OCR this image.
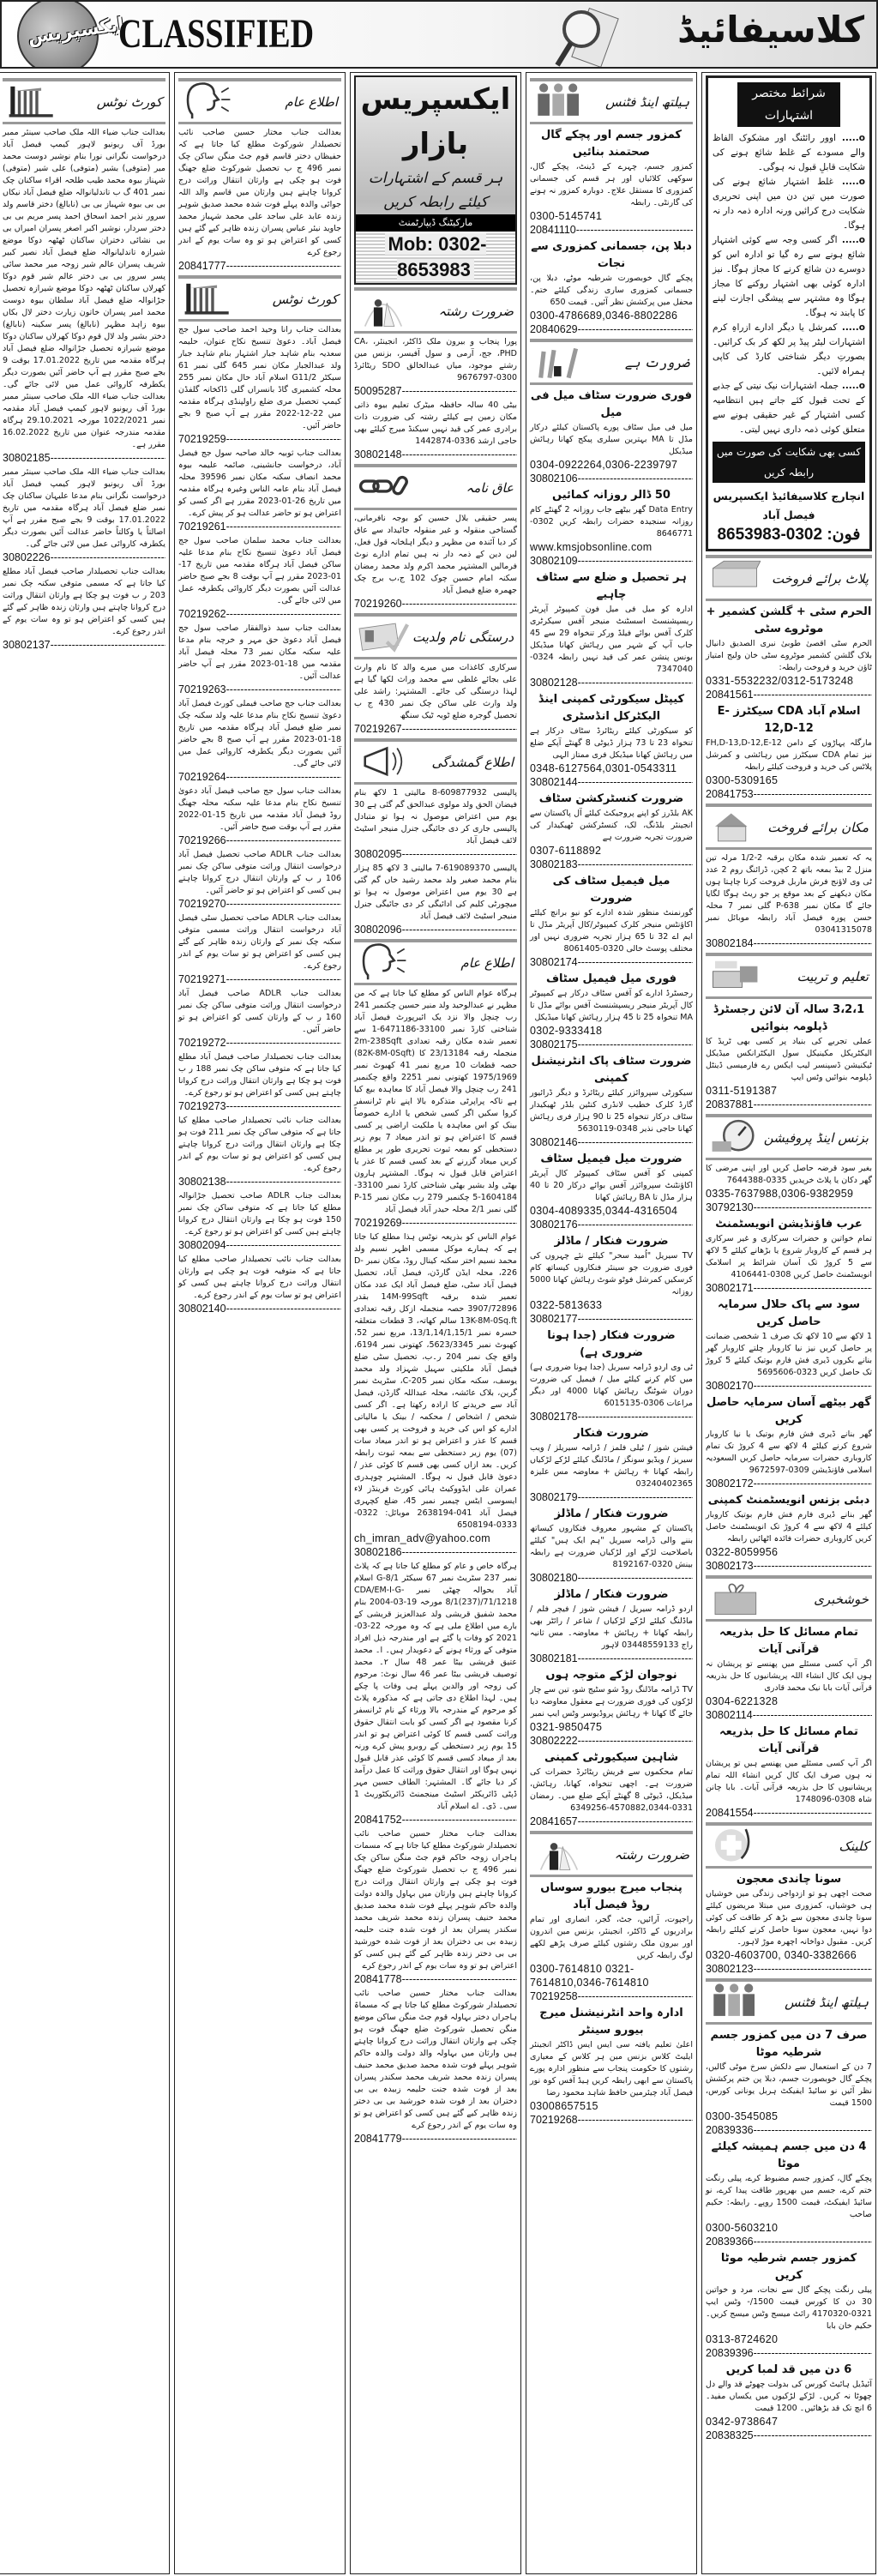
ایکسپریس
CLASSIFIED	کلاسیفائیڈ
شرائط مختصر اشتہارات
o..... اوور رائٹنگ اور مشکوک الفاظ والے مسودے کے غلط شائع ہونے کی شکایت قابلِ قبول نہ ہوگی۔
o..... غلط اشتہار شائع ہونے کی صورت میں تین دن میں اپنی تحریری شکایت درج کرائیں ورنہ ادارہ ذمہ دار نہ ہوگا۔
o..... اگر کسی وجہ سے کوئی اشتہار شائع ہونے سے رہ گیا تو ادارہ اس کو دوسرے دن شائع کرنے کا مجاز ہوگا۔ نیز ادارہ کوئی بھی اشتہار روکنے کا مجاز ہوگا وہ مشتہر سے پیشگی اجازت لینے کا پابند نہ ہوگا۔
o..... کمرشل یا دیگر ادارے ازراہِ کرم اشتہارات لیٹر پیڈ پر لکھ کر بک کرائیں۔ بصورتِ دیگر شناختی کارڈ کی کاپی ہمراہ لائیں۔
o..... جملہ اشتہارات نیک نیتی کے جذبے کے تحت قبول کئے جاتے ہیں انتظامیہ کسی اشتہار کے غیر حقیقی ہونے سے متعلق کوئی ذمہ داری نہیں لیتی۔
کسی بھی شکایت کی صورت میں رابطہ کریں
انچارج کلاسیفائیڈ ایکسپریس فیصل آباد
فون: 0302-8653983
پلاٹ برائے فروخت
الحرم سٹی + گلشن کشمیر + موٹروے سٹی
الحرم سٹی اقصیٰ طوبیٰ نبری الصدیق دانیال بلاک گلشن کشمیر موٹروے سٹی خان ولیج امتیاز ٹاؤن خرید و فروخت رابطہ:
0331-5532232/0312-5173248
20841561 -----
اسلام آباد CDA سیکٹرز E-12,D-12
مارگلہ پہاڑوں کے دامن FH,D-13,D-12,E-12 نیز تمام CDA سیکٹرز میں رہائشی و کمرشل پلاٹس کی خرید و فروخت کیلئے رابطہ
0300-5309165
20841753 -----
مکان برائے فروخت
یہ کہ تعمیر شدہ مکان برقبہ 2-1/2 مرلہ تین منزل 2 بیڈ بمعہ باتھ 2 کچن، ڈرائنگ روم 2 عدد ٹی وی لاؤنج فرش ماربل فروخت کرنا چاہتا ہوں مکان دیکھنے کے بعد موقع پر جو ریٹ ہوگا لگایا جائے گا مکان نمبر P-638 گلی نمبر 7 محلہ حسن پورہ فیصل آباد رابطہ موبائل نمبر 03041315078
30802184 -----
تعلیم و تربیت
3،2،1 سالہ آن لائن رجسٹرڈ ڈپلومہ بنوائیں
عملی تجربے کی بنیاد پر کسی بھی ٹریڈ کا الیکٹریکل مکینیکل سول الیکٹرانکس میڈیکل ٹیکنیشن ڈسپنسر لیب ایکس رے فارمیسی ڈینٹل ڈپلومہ بنوائیں وٹس ایپ
0311-5191387
20837881 -----
بزنس اینڈ پروفیشن
بغیر سود قرضہ حاصل کریں اور اپنی مرضی کا گھر دکان یا پلاٹ خریدیں 0335-7644388
0335-7637988,0306-9382959
30792130 -----
عرب فاؤنڈیشن انویسٹمنٹ
تمام خواتین و حضرات سرکاری و غیر سرکاری ہر قسم کے کاروبار شروع یا بڑھانے کیلئے 5 لاکھ سے 5 کروڑ تک آسان شرائط پر اسلامک انویسٹمنٹ حاصل کریں 0308-4106441
30802171 -----
سود سے پاک حلال سرمایہ حاصل کریں
1 لاکھ سے 10 لاکھ تک صرف 1 شخصی ضمانت پر حاصل کریں نیز نیا کاروبار چلتے کاروبار گھر بنانے بکروں ڈیری فش فارم بوتیک کیلئے 5 کروڑ تک حاصل کریں 0323-5695606
30802170 -----
گھر بیٹھے آسان سرمایہ حاصل کریں
گھر بنانے ڈیری فش فارم بوتیک یا نیا کاروبار شروع کرنے کیلئے 4 لاکھ سے 4 کروڑ تک تمام کاروباری حضرات سرمایہ حاصل کریں السعودیہ اسلامی فاؤنڈیشن 0309-9672597
30802172 -----
دبئی بزنس انویسٹمنٹ کمپنی
گھر بنانے ڈیری فارم فش فارم بوتیک کاروبار کیلئے 4 لاکھ سے 4 کروڑ تک انویسٹمنٹ حاصل کریں کاروباری حضرات فائدہ اٹھائیں رابطہ
0322-8059956
30802173 -----
خوشخبری
تمام مسائل کا حل بذریعہ قرآنی آیات
اگر آپ کسی مسئلے میں پھنسے تو پریشان نہ ہوں ایک کال انشاء اللہ پریشانیوں کا حل بذریعہ قرآنی آیات بابا نیک محمد قادری
0304-6221328
30802114 -----
تمام مسائل کا حل بذریعہ قرآنی آیات
اگر آپ کسی مسئلے میں پھنسے ہیں تو پریشان نہ ہوں صرف ایک کال کریں انشاء اللہ تمام پریشانیوں کا حل بذریعہ قرآنی آیات۔ بابا چانن شاہ 0308-1748096
20841554 -----
کلینک
سونا چاندی معجون
صحت اچھی ہو تو ازدواجی زندگی میں خوشیاں ہی خوشیاں، کمزوری میں مبتلا مریضوں کیلئے سونا چاندی معجون سے بڑھ کر طاقت کی کوئی دوا نہیں، معجون سونا حاصل کرنے کیلئے رابطہ کریں۔ مقبول دواخانہ اچھرہ موڑ لاہور۔
0320-4603700, 0340-3382666
30802123 -----
ہیلتھ اینڈ فٹنس
صرف 7 دن میں کمزور جسم شرطیہ موٹا
7 دن کے استعمال سے دلکش سرخ موٹی گالیں، پچکے گال خوبصورت جسم، دبلا پن ختم پرکشش نظر آئیں نو سائیڈ ایفیکٹ ہربل یونانی کورس، 1500 قیمت
0300-3545085
20839336 -----
4 دن میں جسم ہمیشہ کیلئے موٹا
پچکے گال، کمزور جسم مضبوط کرے، پیلی رنگت ختم کرے، جسم میں بھرپور طاقت پیدا کرے، نو سائیڈ ایفیکٹ، قیمت 1500 روپے۔ رابطہ: حکیم صاحب
0300-5603210
20839366 -----
کمزور جسم شرطیہ موٹا کریں
پیلی رنگت پچکے گال سے نجات، مرد و خواتین 30 دن کا کورس قیمت 1500/- وٹس ایپ 0321-4170320 رائٹ میسج وٹس میسج کریں۔ حکیم خان بابا
0313-8724620
20839396 -----
6 دن میں قد لمبا کریں
آئیڈیل ہائیٹ کورس کی بدولت چھوٹے قد والے دل چھوٹا نہ کریں۔ لڑکے لڑکیوں میں یکساں مفید۔ 6 انچ تک قد بڑھائیں۔ 1200 قیمت
0342-9738647
20838325 -----
ہیلتھ اینڈ فٹنس
کمزور جسم اور پچکے گال صحتمند بنائیں
کمزور جسم، چہرے کے ڈینٹ، پچکے گال، سوکھی کلائیاں اور ہر قسم کی جسمانی کمزوری کا مستقل علاج۔ دوبارہ کمزور نہ ہونے کی گارنٹی۔ رابطہ
0300-5145741
20841110 -----
دبلا پن، جسمانی کمزوری سے نجات
پچکے گال خوبصورت شرطیہ موٹے، دبلا پن، جسمانی کمزوری ساری زندگی کیلئے ختم۔ محفل میں پرکشش نظر آئیں۔ قیمت 650
0300-4786689,0346-8802286
20840629 -----
ضرورت ہے
فوری ضرورت سٹاف میل فی میل
میل فی میل سٹاف پورے پاکستان کیلئے درکار مڈل تا MA بہترین سیلری پیکج کھانا رہائش میڈیکل
0304-0922264,0306-2239797
30802106 -----
50 ڈالر روزانہ کمائیں
Data Entry گھر بیٹھے جاب روزانہ 2 گھنٹے کام روزانہ سنجیدہ حضرات رابطہ کریں 0302-8646771
www.kmsjobsonline.com
30802109 -----
ہر تحصیل و ضلع سے سٹاف چاہیے
ادارہ کو میل فی میل فون کمپیوٹر آپریٹر ریسپشنسٹ اسسٹنٹ منیجر آفس سیکرٹری کلرک آفس بوائے فیلڈ ورکر تنخواہ 29 سے 45 جاب آپ کے شہر میں رہائش کھانا میڈیکل بونس پنشن عمر کی قید نہیں رابطہ 0324-7347040
30802128 -----
کیپٹل سیکورٹی کمپنی اینڈ الیکٹرکل انڈسٹری
کو سیکورٹی کیلئے ریٹائرڈ سٹاف درکار ہے تنخواہ 23 تا 73 ہزار ڈیوٹی 8 گھنٹے آپکے ضلع میں رہائش کھانا میڈیکل فری ممتاز الہی
0348-6127564,0301-0543311
30802144 -----
ضرورت کنسٹرکشن سٹاف
AK بلڈرز کو اپنے پروجیکٹ کیلئے آل پاکستان سے انجینئر بلڈنگ، لک، کنسٹرکشن ٹھیکیدار کی ضرورت تجربہ ضرورت ہے
0307-6118892
30802183 -----
میل فیمیل سٹاف کی ضرورت
گورنمنٹ منظور شدہ ادارے کو نیو برانچ کیلئے اکاؤنٹس منیجر کلرک کمپیوٹر/کال آپریٹر مڈل تا ایم اے 32 تا 65 ہزار تجربہ ضروری نہیں اور مختلف پوسٹ خالی 0320-8061405
30802174 -----
فوری میل فیمیل سٹاف
رجسٹرڈ ادارے کو آفس سٹاف درکار ہے کمپیوٹر کال آپریٹر منیجر ریسپشنسٹ آفس بوائے مڈل تا MA تنخواہ 25 تا 45 ہزار رہائش کھانا میڈیکل
0302-9333418
30802175 -----
ضرورت سٹاف پاک انٹرنیشنل کمپنی
سیکورٹی سپروائزر کیلئے ریٹائرڈ و دیگر ڈرائیور گارڈ کلرک خطیب لانڈری کنٹین بلڈر ٹھیکیدار سٹاف درکار تنخواہ 25 تا 90 ہزار فری رہائش کھانا حاجی نذیر 0348-5630119
30802146 -----
ضرورت میل فیمیل سٹاف
کمپنی کو آفس سٹاف کمپیوٹر کال آپریٹر اکاؤنٹنٹ سپروائزر آفس بوائے درکار 20 تا 40 ہزار مڈل تا BA رہائش کھانا
0304-4089335,0344-4316504
30802176 -----
ضرورت فنکار / ماڈلز
TV سیریل "اُمید سحر" کیلئے نئے چہروں کی فوری ضرورت جو سینئر فنکاروں کیساتھ کام کرسکیں کمرشل فوٹو شوٹ رہائش کھانا 5000 روزانہ
0322-5813633
30802177 -----
ضرورت فنکار (جدا ہونا ضروری ہے)
ٹی وی اردو ڈرامہ سیریل (جدا ہونا ضروری ہے) میں کام کرنے کیلئے میل / فیمیل کی ضرورت دوران شوٹنگ رہائش کھانا 4000 اور دیگر مراعات 0306-6015135
30802178 -----
ضرورت فنکار
فیشن شوز / ٹیلی فلمز / ڈرامہ سیریلز / ویب سیریز / ویڈیو سونگز / ماڈلنگ کیلئے لڑکے لڑکیاں رابطہ کھانا + رہائش + معاوضہ مس علیزہ 03240402365
30802179 -----
ضرورت فنکار / ماڈلز
پاکستان کے مشہور معروف فنکاروں کیساتھ بننے والی ڈرامہ سیریل "ہم ایک ہیں" کیلئے باصلاحیت لڑکے اور لڑکیاں ضرورت ہے رابطہ بینش 0320-8192167
30802180 -----
ضرورت فنکار / ماڈلز
اردو ڈرامہ سیریل / فیشن شوز / فیچر فلم / ماڈلنگ کیلئے لڑکے لڑکیاں / شاعر / رائٹر بھی رابطہ کھانا + رہائش + معاوضہ۔ مس ثانیہ راج 03448559133 لاہور
30802181 -----
نوجوان لڑکے متوجہ ہوں
TV ڈرامہ ماڈلنگ روڈ شو سٹیج شو، تین سے چار لڑکوں کی فوری ضرورت ہے معقول معاوضہ دیا جائے گا کھانا + رہائش پروڈیوسر وٹس ایپ نمبر
0321-9850475
30802222 -----
شاہین سیکیورٹی کمپنی
تمام محکموں سے فریش ریٹائرڈ حضرات کی ضرورت ہے۔ اچھی تنخواہ، کھانا، رہائش، میڈیکل، ڈیوٹی 8 گھنٹے آپکے ضلع میں۔ رمضان 0331-4570882,0344-6349256
20841657 -----
ضرورت رشتہ
پنجاب میرج بیورو سوساں روڈ فیصل آباد
راجپوت، آرائیں، جٹ، گجر، انصاری اور تمام برادریوں کے ڈاکٹر، انجینئر، بزنس مین اندرون اور بیرون ملک رشتوں کیلئے صرف پڑھے لکھے لوگ رابطہ کریں
0300-7614810 0321-7614810,0346-7614810
70219258 -----
ادارہ واحد انٹرنیشنل میرج بیورو سینٹر
اعلیٰ تعلیم یافتہ سی ایس ایس ڈاکٹر انجینئر ایلیٹ کلاس بزنس مین ہر کلاس کے معیاری رشتوں کا حکومت پنجاب سے منظور ادارہ پورے پاکستان سے ابھی رابطہ کریں ہیڈ آفس کوہ نور فیصل آباد چیئرمین حافظ شاہد محمود رضا
03008657515
70219268 -----
ایکسپریس بازار
ہر قسم کے اشتہارات کیلئے رابطہ کریں
مارکیٹنگ ڈیپارٹمنٹ
Mob: 0302-8653983
ضرورت رشتہ
پورا پنجاب و بیرون ملک ڈاکٹر، انجینئر، CA، PHD، جج، آرمی و سول آفیسر، بزنس مین رشتے موجود، میاں عبدالخالق SDO ریٹائرڈ 0300-9676797
50095287 -----
بیٹی 40 سالہ حافظہ میٹرک تعلیم بیوہ ذاتی مکان زمین ہے کیلئے رشتہ کی ضرورت ذات برادری عمر کی قید نہیں سیکنڈ میرج کیلئے بھی حاجی ارشد 0336-1442874
30802148 -----
عاق نامہ
پسر حقیقی بلال حسین کو بوجہ نافرمانی، گستاخی منقولہ و غیر منقولہ جائیداد سے عاق کر دیا آئندہ من مظہر و دیگر اہلخانہ قول فعل، لین دین کے ذمہ دار نہ ہیں تمام ادارے نوٹ فرمالیں المشتہر محمد اکرم ولد محمد رمضان سکنہ امام حسین چوک 102 ج،ب برج چک جھمرہ ضلع فیصل آباد
70219260 -----
درستگی نام ولدیت
سرکاری کاغذات میں میرے والد کا نام وارث علی بجائے غلطی سے محمد وراث لکھا گیا ہے لہذا درستگی کی جائے۔ المشتہر: راشد علی ولد وارث علی ساکن چک نمبر 430 ج ب تحصیل گوجرہ ضلع ٹوبہ ٹیک سنگھ
70219267 -----
اطلاع گمشدگی
پالیسی 609877932-8 مالیتی 1 لاکھ بنام فیضان الحق ولد مولوی عبدالحق گم گئی ہے 30 یوم میں اعتراض موصول نہ ہوا تو متبادل پالیسی جاری کر دی جائیگی جنرل منیجر اسٹیٹ لائف فیصل آباد
30802095 -----
پالیسی 619089370-7 مالیتی 3 لاکھ 85 ہزار بنام محمد صغیر ولد محمد رشید خاں گم گئی ہے 30 یوم میں اعتراض موصول نہ ہوا تو میچورٹی کلیم کی ادائیگی کر دی جائیگی جنرل منیجر اسٹیٹ لائف فیصل آباد
30802096 -----
اطلاع عام
ہرگاہ عوام الناس کو مطلع کیا جاتا ہے کہ من مظہر نے عبدالوحید ولد منیر حسین چکنمبر 241 رب چنچل والا نزد یک ائیرپورٹ فیصل آباد شناختی کارڈ نمبر 33100-6471186-1 سے تعمیر شدہ مکان رقبہ تعدادی 2m-238Sqft منجملہ رقبہ 23/13184 کا (82K-8M-0Sqft) حصہ قطعات 10 مربع نمبر 41 کھیوٹ نمبر 1975/1969 کھتونی نمبر 2251 واقع چکنمبر 241 رب چنچل والا فیصل آباد کا معاہدہ بیع کیا ہے تاکہ پراپرٹی متذکرہ بالا اپنے نام ٹرانسفر کروا سکیں اگر کسی شخص یا ادارے خصوصاً بینک کو اس معاہدہ یا ملکیت اراضی پر کسی قسم کا اعتراض ہو تو اندر میعاد 7 یوم زیر دستخطی کو بمعہ ثبوت تحریری طور پر مطلع کریں میعاد گزرنے کے بعد کسی قسم کا عذر یا اعتراض قابل قبول نہ ہوگا۔ المشتہر ہارون بھٹی ولد بشیر بھٹی شناختی کارڈ نمبر 33100-1604184-5 چکنمبر 279 رب مکان نمبر P-15 گلی نمبر 2/1 محلہ حیدر آباد فیصل آباد
70219269 -----
عوام الناس کو بذریعہ نوٹس ہذا مطلع کیا جاتا ہے کہ ہمارے موکل مسمی اظہر نسیم ولد محمد نسیم اختر سکنہ کینال روڈ، مکان نمبر D-226، محلہ ایڈن گارڈن، فیصل آباد، تحصیل فیصل آباد سٹی، ضلع فیصل آباد ایک عدد مکان تعمیر شدہ برقبہ 14M-99Sqft بقدر 3907/72896 حصہ منجملہ ازکل رقبہ تعدادی 13K-8M-0Sq.ft سالم کھاتہ، 3 قطعات متعلقہ خسرہ نمبر 13/1,14/1,15/1، مربع نمبر 52، کھیوٹ نمبر 5623/3345، کھتونی نمبر 6194، واقع چک نمبر 204 ر۔ب، تحصیل سٹی ضلع فیصل آباد ملکیتی سہیل شہزاد ولد محمد یوسف، سکنہ مکان نمبر C-205، سٹریٹ نمبر گرین، بلاک عائشہ، محلہ عبداللہ گارڈن، فیصل آباد سے خریدنے کا ارادہ رکھتا ہے۔ اگر کسی شخص / اشخاص / محکمہ / بینک یا مالیاتی ادارے کو اس کی خرید و فروخت پر کسی بھی قسم کا عذر و اعتراض ہو تو اندر میعاد سات (07) یوم زیر دستخطی سے بمعہ ثبوت رابطہ کریں۔ بعد ازاں کسی بھی قسم کا کوئی عذر / دعویٰ قابل قبول نہ ہوگا۔ المشتہر چوہدری عمران علی ایڈووکیٹ ہائی کورٹ فرینڈز لاء ایسوسی ایٹس چیمبر نمبر 45، ضلع کچہری فیصل آباد 041-2638194 موبائل: 0322-0333-6508194
ch_imran_adv@yahoo.com
30802186 -----
ہرگاہ خاص و عام کو مطلع کیا جاتا ہے کہ پلاٹ نمبر 237 سٹریٹ نمبر 67 سیکٹر G-8/1 اسلام آباد بحوالہ چھٹی نمبر CDA/EM-I-G-8/1(237)/71/1218 مورخہ 19-03-2004 بنام محمد شفیق قریشی ولد عبدالعزیز قریشی کے بارے میں اطلاع ملی ہے کہ وہ مورخہ 22-03-2021 کو وفات پا گئے ہے اور مندرجہ ذیل افراد متوفی کے ورثاء ہونے کے دعویدار ہیں۔ ا۔ محمد عتیق قریشی بیٹا عمر 48 سال ۲۔ محمد توصیف قریشی بیٹا عمر 46 سال نوٹ: مرحوم کی زوجہ اور والدین پہلے ہی وفات پا چکے ہیں۔ لہذا اطلاع دی جاتی ہے کہ مذکورہ پلاٹ کو مرحوم کے مندرجہ بالا ورثاء کے نام ٹرانسفر کرنا مقصود ہے اگر کسی کو بابت انتقال حقوق وراثت کسی قسم کا کوئی اعتراض ہو تو اندر 15 یوم زیر دستخطی کے روبرو پیش کرے ورنہ بعد از میعاد کسی قسم کا کوئی عذر قابل قبول نہیں ہوگا اور انتقال حقوق وراثت کا عمل درآمد کر دیا جائے گا۔ المشتہر: الطاف حسین مہر ڈپٹی ڈائریکٹر اسٹیٹ مینجمنٹ ڈائریکٹوریٹ 1 سی۔ ڈی۔ اے اسلام آباد
20841752 -----
بعدالت جناب مختار حسین صاحب نائب تحصیلدار شورکوٹ مطلع کیا جاتا ہے کہ مسمات ہاجراں زوجہ حاکم قوم جٹ منگن ساکن چک نمبر 496 ج ب تحصیل شورکوٹ ضلع جھنگ فوت ہو چکی ہے وارثان انتقال وراثت درج کروانا چاہتے ہیں وارثان میں بہاول والدہ دولت والدہ حاکم شوہر پہلے فوت شدہ محمد صدیق محمد حنیف پسران زندہ محمد شریف محمد سکندر پسران بعد از فوت شدہ جنت حلیمہ زبیدہ بی بی دختران بعد از فوت شدہ خورشید بی بی دختر زندہ ظاہر کیے گئے ہیں کسی کو اعتراض ہو تو وہ سات یوم کے اندر رجوع کرے
20841778 -----
بعدالت جناب مختار حسین صاحب نائب تحصیلدار شورکوٹ مطلع کیا جاتا ہے کہ مسماۃ ہاجراں دختر بہاولہ قوم جٹ منگن ساکن موضع منگن تحصیل شورکوٹ ضلع جھنگ فوت ہو چکی ہے وارثان انتقال وراثت درج کروانا چاہتے ہیں وارثان میں بہاولہ والد دولت والدہ حاکم شوہر پہلے فوت شدہ محمد صدیق محمد حنیف پسران زندہ محمد شریف محمد سکندر پسران بعد از فوت شدہ جنت حلیمہ زبیدہ بی بی دختران بعد از فوت شدہ خورشید بی بی دختر زندہ ظاہر کیے گئے ہیں کسی کو اعتراض ہو تو وہ سات یوم کے اندر رجوع کرے
20841779 -----
اطلاع عام
بعدالت جناب مختار حسین صاحب نائب تحصیلدار شورکوٹ مطلع کیا جاتا ہے کہ حفیظاں دختر قاسم قوم جٹ منگن ساکن چک نمبر 496 ج ب تحصیل شورکوٹ ضلع جھنگ فوت ہو چکی ہے وارثان انتقال وراثت درج کروانا چاہتے ہیں وارثان میں قاسم والد اللہ جوائی والدہ پہلے فوت شدہ محمد صدیق شوہر زندہ عابد علی ساجد علی محمد شہباز محمد جاوید نیئر عباس پسران زندہ ظاہر کیے گئے ہیں کسی کو اعتراض ہو تو وہ سات یوم کے اندر رجوع کرے
20841777 -----
کورٹ نوٹس
بعدالت جناب رانا وحید احمد صاحب سول جج فیصل آباد۔ دعویٰ تنسیخ نکاح عنوان، حلیمہ سعدیہ بنام شاہد جبار اشتہار بنام شاہد جبار ولد عبدالجبار مکان نمبر 645 گلی نمبر 61 سیکٹر G11/2 اسلام آباد حال مکان نمبر 255 محلہ کشمیری گاڈ بانسراں گلی ڈاکخانہ گلفڈن کیمپ تحصیل مری ضلع راولپنڈی ہرگاہ مقدمہ میں 22-12-2022 مقرر ہے آپ صبح 9 بجے حاضر آئیں۔
70219259 -----
بعدالت جناب ثوبیہ خالد صاحبہ سول جج فیصل آباد، درخواست جانشینی، صائمہ علیمہ بیوہ محمد انصاف سکنہ مکان نمبر 39596 محلہ فیصل آباد بنام عامہ الناس وغیرہ ہرگاہ مقدمہ میں تاریخ 26-01-2023 مقرر ہے اگر کسی کو اعتراض ہو تو حاضر عدالت ہو کر پیش کرے۔
70219261 -----
بعدالت جناب محمد سلمان صاحب سول جج فیصل آباد دعویٰ تنسیخ نکاح بنام مدعا علیہ ساکن فیصل آباد ہرگاہ مقدمہ میں تاریخ 17-01-2023 مقرر ہے آپ بوقت 8 بجے صبح حاضر عدالت آئیں بصورت دیگر کاروائی یکطرفہ عمل میں لائی جائے گی۔
70219262 -----
بعدالت جناب سید ذوالفقار صاحب سول جج فیصل آباد دعویٰ حق مہر و خرچہ بنام مدعا علیہ سکنہ مکان نمبر 73 محلہ فیصل آباد مقدمہ میں 18-01-2023 مقرر ہے آپ حاضر عدالت آئیں۔
70219263 -----
بعدالت جناب جج صاحب فیملی کورٹ فیصل آباد دعویٰ تنسیخ نکاح بنام مدعا علیہ ولد سکنہ چک نمبر ضلع فیصل آباد ہرگاہ مقدمہ میں تاریخ 18-01-2023 مقرر ہے آپ صبح 8 بجے حاضر آئیں بصورت دیگر یکطرفہ کاروائی عمل میں لائی جائے گی۔
70219264 -----
بعدالت جناب سول جج صاحب فیصل آباد دعویٰ تنسیخ نکاح بنام مدعا علیہ سکنہ محلہ جھنگ روڈ فیصل آباد مقدمہ میں تاریخ 15-01-2022 مقرر ہے آپ بوقت صبح حاضر آئیں۔
70219266 -----
بعدالت جناب ADLR صاحب تحصیل فیصل آباد درخواست انتقال وراثت متوفی ساکن چک نمبر 106 ر ب کے وارثان انتقال درج کروانا چاہتے ہیں کسی کو اعتراض ہو تو حاضر آئیں۔
70219270 -----
بعدالت جناب ADLR صاحب تحصیل سٹی فیصل آباد درخواست انتقال وراثت مسمی متوفی سکنہ چک نمبر کے وارثان زندہ ظاہر کیے گئے ہیں کسی کو اعتراض ہو تو سات یوم کے اندر رجوع کرے۔
70219271 -----
بعدالت جناب ADLR صاحب فیصل آباد درخواست انتقال وراثت متوفی ساکن چک نمبر 160 ر ب کے وارثان کسی کو اعتراض ہو تو حاضر آئیں۔
70219272 -----
بعدالت جناب تحصیلدار صاحب فیصل آباد مطلع کیا جاتا ہے کہ متوفی ساکن چک نمبر 188 ر ب فوت ہو چکا ہے وارثان انتقال وراثت درج کروانا چاہتے ہیں کسی کو اعتراض ہو تو رجوع کرے۔
70219273 -----
بعدالت جناب نائب تحصیلدار صاحب مطلع کیا جاتا ہے کہ متوفی ساکن چک نمبر 211 فوت ہو چکا ہے وارثان انتقال وراثت درج کروانا چاہتے ہیں کسی کو اعتراض ہو تو سات یوم کے اندر رجوع کرے۔
30802138 -----
بعدالت جناب ADLR صاحب تحصیل جڑانوالہ مطلع کیا جاتا ہے کہ متوفی ساکن چک نمبر 150 فوت ہو چکا ہے وارثان انتقال درج کروانا چاہتے ہیں کسی کو اعتراض ہو تو رجوع کرے۔
30802094 -----
بعدالت جناب نائب تحصیلدار صاحب مطلع کیا جاتا ہے کہ متوفیہ فوت ہو چکی ہے وارثان انتقال وراثت درج کروانا چاہتے ہیں کسی کو اعتراض ہو تو سات یوم کے اندر رجوع کرے۔
30802140 -----
کورٹ نوٹس
بعدالت جناب ضیاء اللہ ملک صاحب سینئر ممبر بورڈ آف ریونیو لاہور کیمپ فیصل آباد درخواست نگرانی نورا بنام نوشیر دوست محمد میر (متوفی) بشیر (متوفی) علی شیر (متوفی) شہناز بیوہ محمد طیب طلحہ اقراء ساکنان چک نمبر 401 گ ب تاندلیانوالہ ضلع فیصل آباد نیکاں بی بی بیوہ شہباز بی بی (نابالغ) دختر قاسم ولد سرور نذیر احمد اسحاق احمد پسر مریم بی بی دختر سردار، نوشیر اکبر اصغر پسران امیراں بی بی نشائی دختران ساکنان ٹھٹھہ دوکا موضع شیرازہ تاندلیانوالہ ضلع فیصل آباد نصیر کبیر شریف پسران عالم شیر زوجہ میر محمد سائی پسر سرور بی بی دختر عالم شیر قوم دوکا کھرلاں ساکنان ٹھٹھہ دوکا موضع شیرازہ تحصیل جڑانوالہ ضلع فیصل آباد سلطان بیوہ دوست محمد امیر پسران خاتون زیارت دختر لال بکاں بیوہ زاہد مظہر (نابالغ) پسر سکینہ (نابالغ) دختر بشیر ولد لال قوم دوکا کھرلاں ساکنان دوکا موضع شیرازہ تحصیل جڑانوالہ ضلع فیصل آباد ہرگاہ مقدمہ میں تاریخ 17.01.2022 بوقت 9 بجے صبح مقرر ہے آپ حاضر آئیں بصورت دیگر یکطرفہ کاروائی عمل میں لائی جائے گی۔ بعدالت جناب ضیاء اللہ ملک صاحب سینئر ممبر بورڈ آف ریونیو لاہور کیمپ فیصل آباد مقدمہ نمبر 1022/2021 مورخہ 29.10.2021 ہرگاہ مقدمہ مندرجہ عنوان میں تاریخ 16.02.2022 مقرر ہے۔
30802185 -----
بعدالت جناب ضیاء اللہ ملک صاحب سینئر ممبر بورڈ آف ریونیو لاہور کیمپ فیصل آباد درخواست نگرانی بنام مدعا علیہان ساکنان چک نمبر ضلع فیصل آباد ہرگاہ مقدمہ میں تاریخ 17.01.2022 بوقت 9 بجے صبح مقرر ہے آپ اصالتاً یا وکالتاً حاضر عدالت آئیں بصورت دیگر یکطرفہ کاروائی عمل میں لائی جائے گی۔
30802226 -----
بعدالت جناب تحصیلدار صاحب فیصل آباد مطلع کیا جاتا ہے کہ مسمی متوفی سکنہ چک نمبر 203 ر ب فوت ہو چکا ہے وارثان انتقال وراثت درج کروانا چاہتے ہیں وارثان زندہ ظاہر کیے گئے ہیں کسی کو اعتراض ہو تو وہ سات یوم کے اندر رجوع کرے۔
30802137 -----
